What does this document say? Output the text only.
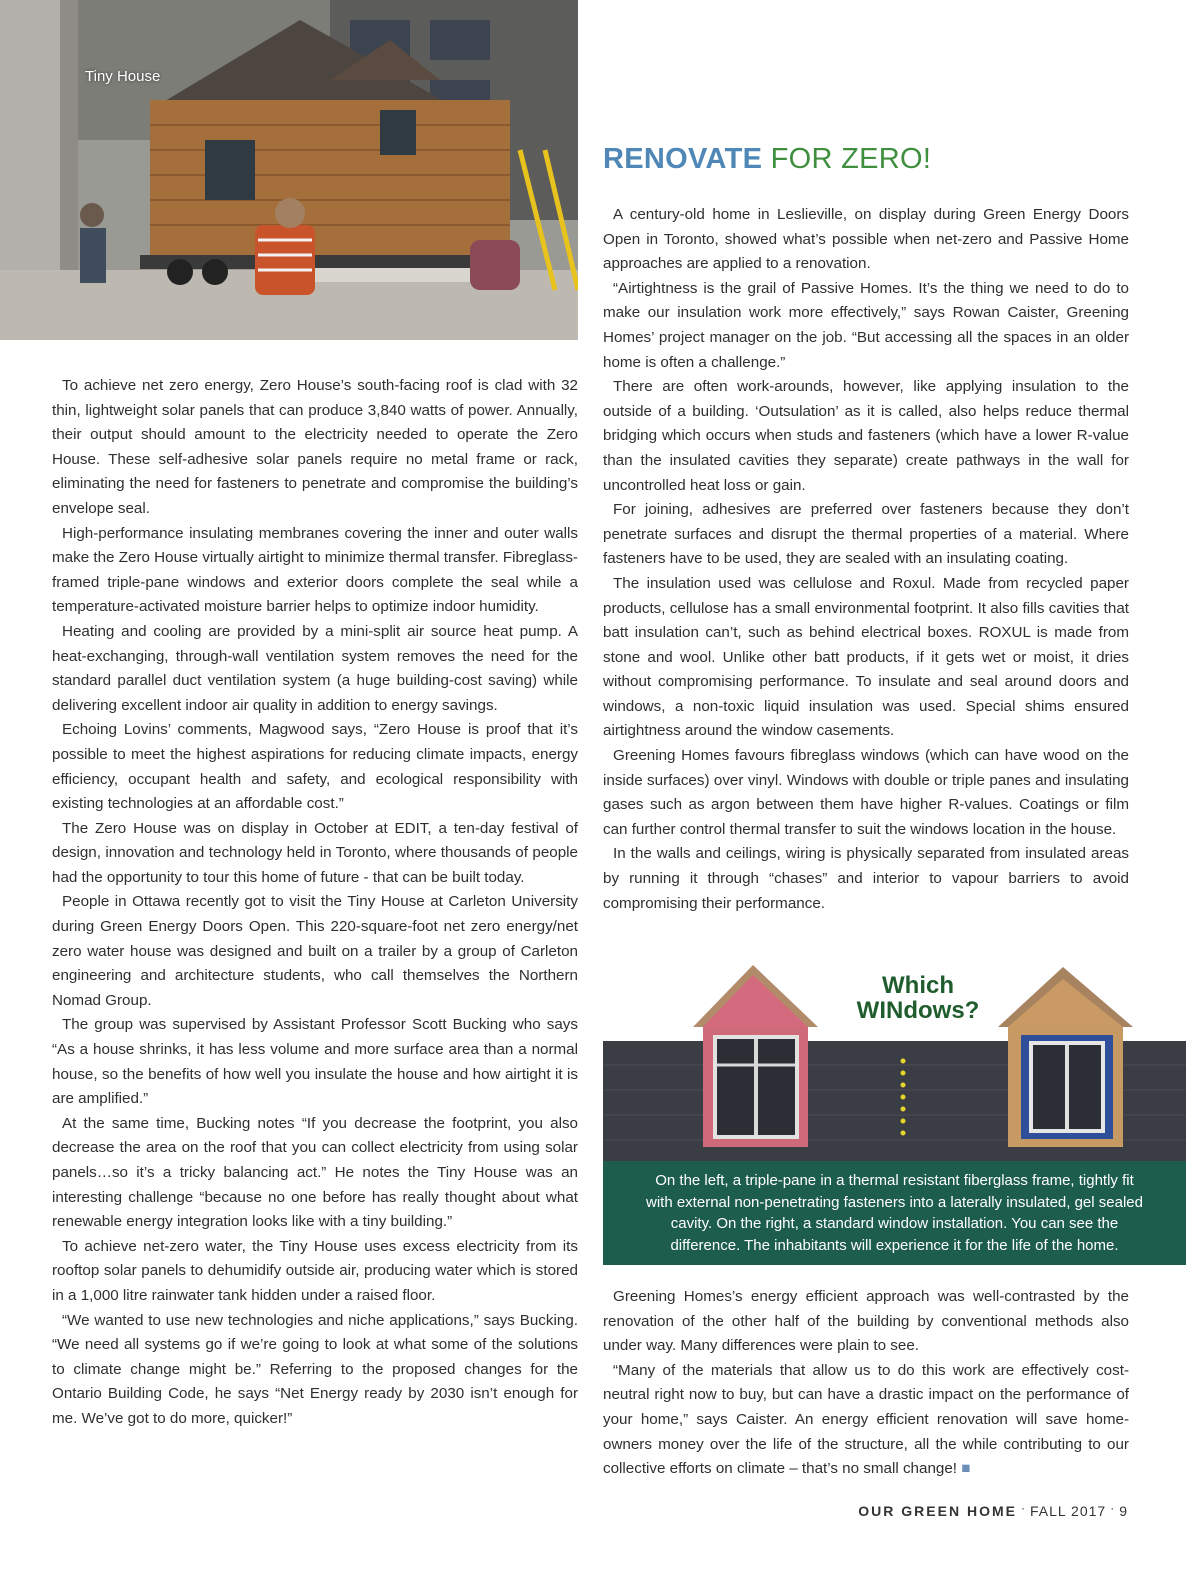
Tiny House
RENOVATE FOR ZERO!

To achieve net zero energy, Zero House’s south-facing roof is clad with 32 thin, lightweight solar panels that can produce 3,840 watts of power. Annually, their output should amount to the electricity needed to operate the Zero House. These self-adhesive solar panels require no metal frame or rack, eliminating the need for fasteners to penetrate and compromise the building’s envelope seal.

High-performance insulating membranes covering the inner and outer walls make the Zero House virtually airtight to minimize thermal transfer. Fibreglass-framed triple-pane windows and exterior doors complete the seal while a temperature-activated moisture barrier helps to optimize indoor humidity.

Heating and cooling are provided by a mini-split air source heat pump. A heat-exchanging, through-wall ventilation system removes the need for the standard parallel duct ventilation system (a huge building-cost saving) while delivering excellent indoor air quality in addition to energy savings.

Echoing Lovins’ comments, Magwood says, “Zero House is proof that it’s possible to meet the highest aspirations for reducing climate impacts, energy efficiency, occupant health and safety, and ecological responsibility with existing technologies at an affordable cost.”

The Zero House was on display in October at EDIT, a ten-day festival of design, innovation and technology held in Toronto, where thousands of people had the opportunity to tour this home of future - that can be built today.

People in Ottawa recently got to visit the Tiny House at Carleton University during Green Energy Doors Open. This 220-square-foot net zero energy/net zero water house was designed and built on a trailer by a group of Carleton engineering and architecture students, who call themselves the Northern Nomad Group.

The group was supervised by Assistant Professor Scott Bucking who says “As a house shrinks, it has less volume and more surface area than a normal house, so the benefits of how well you insulate the house and how airtight it is are amplified.”

At the same time, Bucking notes “If you decrease the footprint, you also decrease the area on the roof that you can collect electricity from using solar panels…so it’s a tricky balancing act.” He notes the Tiny House was an interesting challenge “because no one before has really thought about what renewable energy integration looks like with a tiny building.”

To achieve net-zero water, the Tiny House uses excess electricity from its rooftop solar panels to dehumidify outside air, producing water which is stored in a 1,000 litre rainwater tank hidden under a raised floor.

“We wanted to use new technologies and niche applications,” says Bucking. “We need all systems go if we’re going to look at what some of the solutions to climate change might be.” Referring to the proposed changes for the Ontario Building Code, he says “Net Energy ready by 2030 isn’t enough for me. We’ve got to do more, quicker!”

A century-old home in Leslieville, on display during Green Energy Doors Open in Toronto, showed what’s possible when net-zero and Passive Home approaches are applied to a renovation.

“Airtightness is the grail of Passive Homes. It’s the thing we need to do to make our insulation work more effectively,” says Rowan Caister, Greening Homes’ project manager on the job. “But accessing all the spaces in an older home is often a challenge.”

There are often work-arounds, however, like applying insulation to the outside of a building. ‘Outsulation’ as it is called, also helps reduce thermal bridging which occurs when studs and fasteners (which have a lower R-value than the insulated cavities they separate) create pathways in the wall for uncontrolled heat loss or gain.

For joining, adhesives are preferred over fasteners because they don’t penetrate surfaces and disrupt the thermal properties of a material. Where fasteners have to be used, they are sealed with an insulating coating.

The insulation used was cellulose and Roxul. Made from recycled paper products, cellulose has a small environmental footprint. It also fills cavities that batt insulation can’t, such as behind electrical boxes. ROXUL is made from stone and wool. Unlike other batt products, if it gets wet or moist, it dries without compromising performance. To insulate and seal around doors and windows, a non-toxic liquid insulation was used. Special shims ensured airtightness around the window casements.

Greening Homes favours fibreglass windows (which can have wood on the inside surfaces) over vinyl. Windows with double or triple panes and insulating gases such as argon between them have higher R-values. Coatings or film can further control thermal transfer to suit the windows location in the house.

In the walls and ceilings, wiring is physically separated from insulated areas by running it through “chases” and interior to vapour barriers to avoid compromising their performance.

Which
WINdows?
On the left, a triple-pane in a thermal resistant fiberglass frame, tightly fit with external non-penetrating fasteners into a laterally insulated, gel sealed cavity. On the right, a standard window installation. You can see the difference. The inhabitants will experience it for the life of the home.

Greening Homes’s energy efficient approach was well-contrasted by the renovation of the other half of the building by conventional methods also under way. Many differences were plain to see.

“Many of the materials that allow us to do this work are effectively cost-neutral right now to buy, but can have a drastic impact on the performance of your home,” says Caister. An energy efficient renovation will save home-owners money over the life of the structure, all the while contributing to our collective efforts on climate – that’s no small change! ■

OUR GREEN HOME · FALL 2017 · 9
